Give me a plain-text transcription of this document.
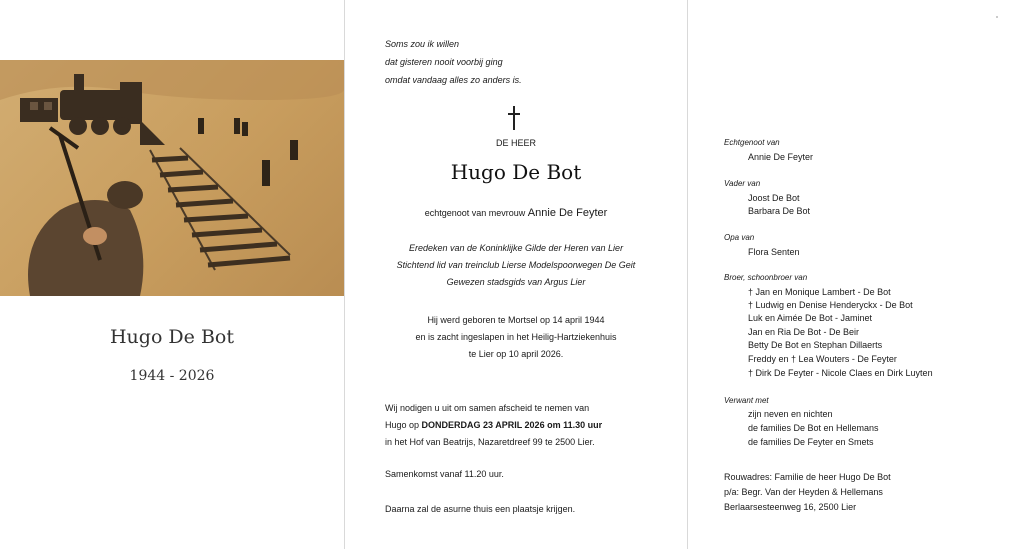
Hugo De Bot
1944 - 2026
Soms zou ik willen
dat gisteren nooit voorbij ging
omdat vandaag alles zo anders is.
DE HEER
Hugo De Bot
echtgenoot van mevrouw Annie De Feyter
Eredeken van de Koninklijke Gilde der Heren van Lier
Stichtend lid van treinclub Lierse Modelspoorwegen De Geit
Gewezen stadsgids van Argus Lier
Hij werd geboren te Mortsel op 14 april 1944
en is zacht ingeslapen in het Heilig-Hartziekenhuis
te Lier op 10 april 2026.
Wij nodigen u uit om samen afscheid te nemen van
Hugo op DONDERDAG 23 APRIL 2026 om 11.30 uur
in het Hof van Beatrijs, Nazaretdreef 99 te 2500 Lier.
Samenkomst vanaf 11.20 uur.
Daarna zal de asurne thuis een plaatsje krijgen.
Echtgenoot van
Annie De Feyter
Vader van
Joost De Bot
Barbara De Bot
Opa van
Flora Senten
Broer, schoonbroer van
† Jan en Monique Lambert - De Bot
† Ludwig en Denise Henderyckx - De Bot
Luk en Aimée De Bot - Jaminet
Jan en Ria De Bot - De Beir
Betty De Bot en Stephan Dillaerts
Freddy en † Lea Wouters - De Feyter
† Dirk De Feyter - Nicole Claes en Dirk Luyten
Verwant met
zijn neven en nichten
de families De Bot en Hellemans
de families De Feyter en Smets
Rouwadres: Familie de heer Hugo De Bot
p/a: Begr. Van der Heyden & Hellemans
Berlaarsesteenweg 16, 2500 Lier
